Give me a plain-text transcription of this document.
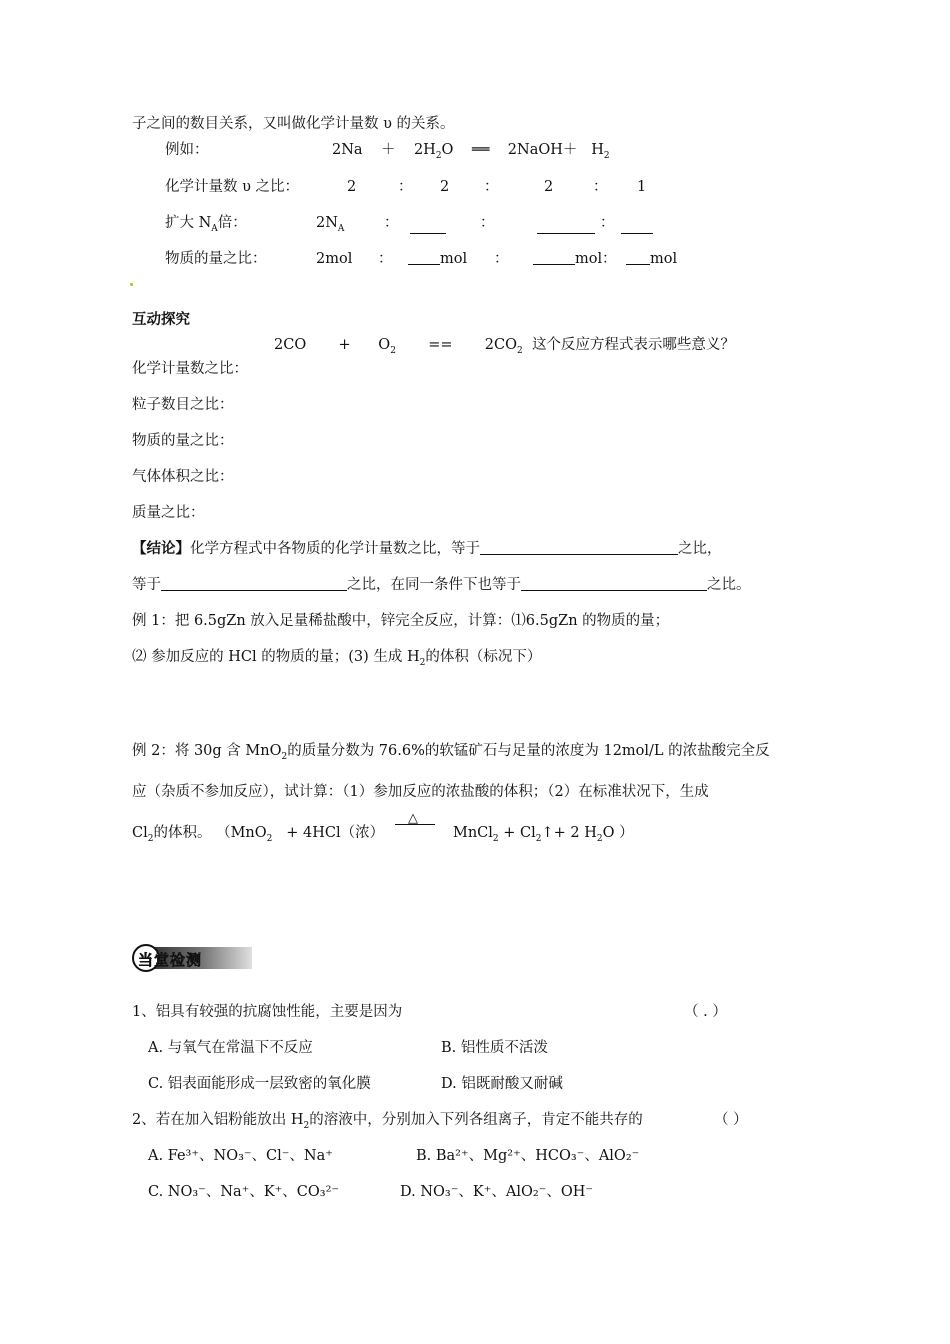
子之间的数目关系，又叫做化学计量数 υ 的关系。
例如：	$2Na + 2H_2O$ ══ 2NaOH＋ $H_2$
化学计量数 υ 之比：	2	： 2 ：	2	： 1
扩大 $N_A$倍：	$2N_A$	：	：	：
物质的量之比：	2mol ：	mol ：	mol ：	mol
互动探究
$2CO + O_2 == 2CO_2$ 这个反应方程式表示哪些意义？
化学计量数之比：
粒子数目之比：
物质的量之比：
气体体积之比：
质量之比：
【结论】化学方程式中各物质的化学计量数之比，等于	之比，
等于	之比，在同一条件下也等于	之比。
例 1：把 6.5gZn 放入足量稀盐酸中，锌完全反应，计算：⑴6.5gZn 的物质的量；
⑵ 参加反应的 HCl 的物质的量；(3) 生成 $H_2$的体积（标况下）
例 2：将 30g 含 MnO$_2$的质量分数为 76.6%的软锰矿石与足量的浓度为 12mol/L 的浓盐酸完全反
应（杂质不参加反应），试计算：（1）参加反应的浓盐酸的体积；（2）在标准状况下，生成
$Cl_2$的体积。 （MnO$_2$ + 4HCl（浓）
△
MnCl$_2$ + $Cl_2↑+ 2$ $H_2O$ ）
当堂检测
1、铝具有较强的抗腐蚀性能，主要是因为	（ . ）
A. 与氧气在常温下不反应	B. 铝性质不活泼
C. 铝表面能形成一层致密的氧化膜	D. 铝既耐酸又耐碱
2、若在加入铝粉能放出 $H_2$的溶液中，分别加入下列各组离子，肯定不能共存的	（ ）
A. Fe³⁺、NO₃⁻、Cl⁻、Na⁺	B. Ba²⁺、Mg²⁺、HCO₃⁻、AlO₂⁻
C. NO₃⁻、Na⁺、K⁺、CO₃²⁻	D. NO₃⁻、K⁺、AlO₂⁻、OH⁻
